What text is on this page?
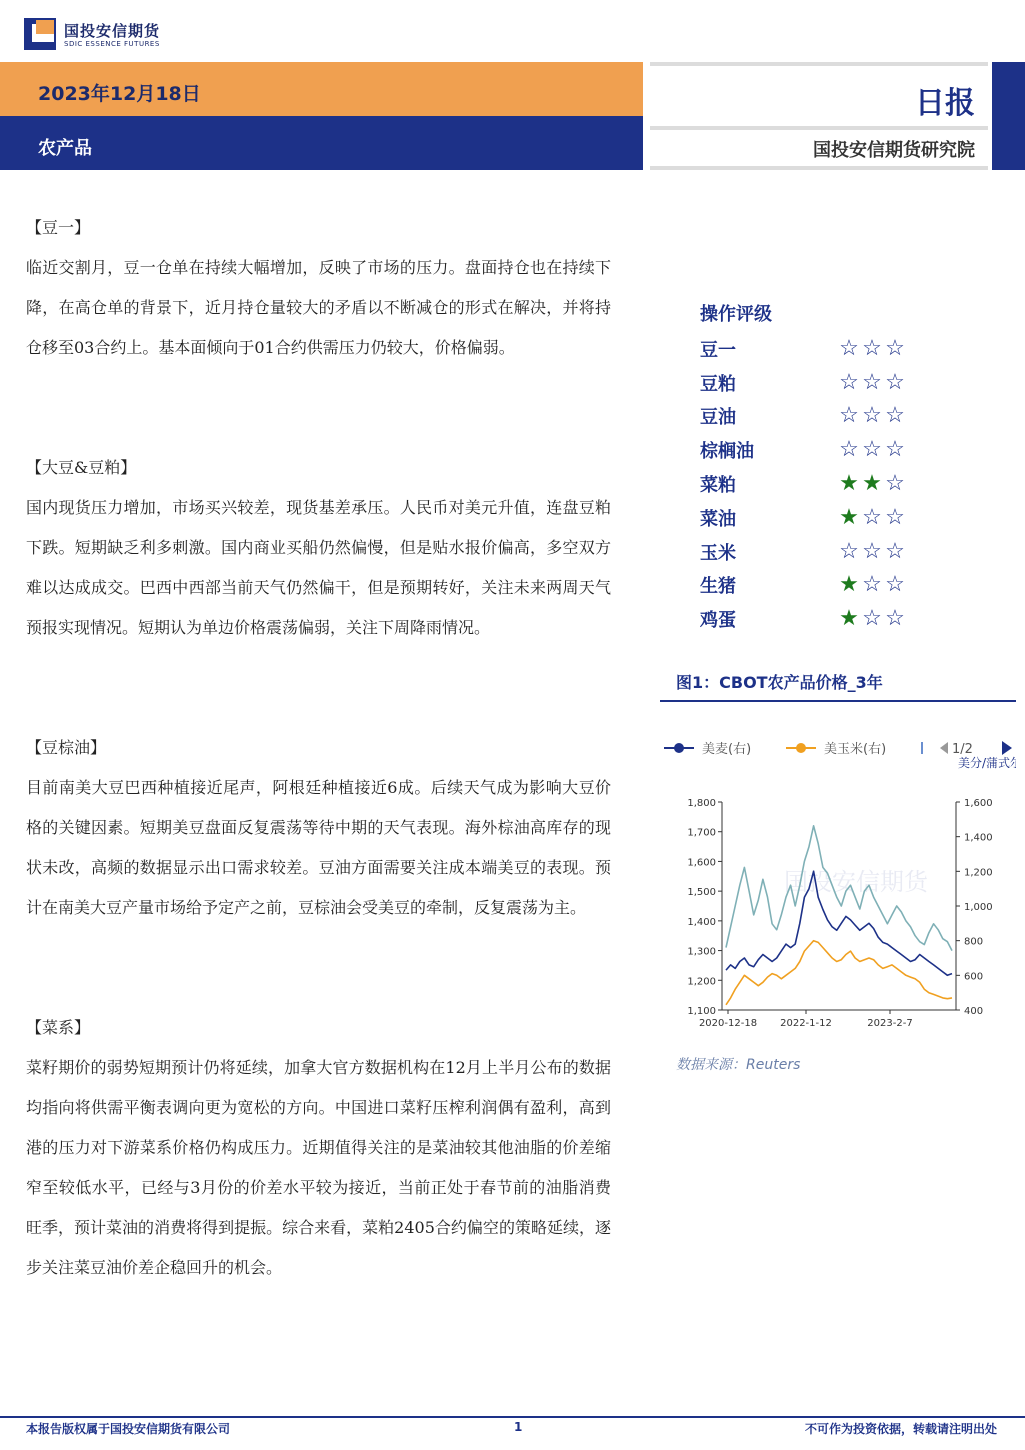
国投安信期货
SDIC ESSENCE FUTURES
2023年12月18日
农产品
日报
国投安信期货研究院
【豆一】
临近交割月，豆一仓单在持续大幅增加，反映了市场的压力。盘面持仓也在持续下降，在高仓单的背景下，近月持仓量较大的矛盾以不断减仓的形式在解决，并将持仓移至03合约上。基本面倾向于01合约供需压力仍较大，价格偏弱。
【大豆&豆粕】
国内现货压力增加，市场买兴较差，现货基差承压。人民币对美元升值，连盘豆粕下跌。短期缺乏利多刺激。国内商业买船仍然偏慢，但是贴水报价偏高，多空双方难以达成成交。巴西中西部当前天气仍然偏干，但是预期转好，关注未来两周天气预报实现情况。短期认为单边价格震荡偏弱，关注下周降雨情况。
【豆棕油】
目前南美大豆巴西种植接近尾声，阿根廷种植接近6成。后续天气成为影响大豆价格的关键因素。短期美豆盘面反复震荡等待中期的天气表现。海外棕油高库存的现状未改，高频的数据显示出口需求较差。豆油方面需要关注成本端美豆的表现。预计在南美大豆产量市场给予定产之前，豆棕油会受美豆的牵制，反复震荡为主。
【菜系】
菜籽期价的弱势短期预计仍将延续，加拿大官方数据机构在12月上半月公布的数据均指向将供需平衡表调向更为宽松的方向。中国进口菜籽压榨利润偶有盈利，高到港的压力对下游菜系价格仍构成压力。近期值得关注的是菜油较其他油脂的价差缩窄至较低水平，已经与3月份的价差水平较为接近，当前正处于春节前的油脂消费旺季，预计菜油的消费将得到提振。综合来看，菜粕2405合约偏空的策略延续，逐步关注菜豆油价差企稳回升的机会。
操作评级
豆一	☆ ☆ ☆
豆粕	☆ ☆ ☆
豆油	☆ ☆ ☆
棕榈油	☆ ☆ ☆
菜粕	★ ★ ☆
菜油	★ ☆ ☆
玉米	☆ ☆ ☆
生猪	★ ☆ ☆
鸡蛋	★ ☆ ☆
图1：CBOT农产品价格_3年
美麦(右)	美玉米(右)	1/2
美分/蒲式尔
国投安信期货
1,800
1,700
1,600
1,500
1,400
1,300
1,200
1,100
1,600
1,400
1,200
1,000
800
600
400
2020-12-18 2022-1-12	2023-2-7
数据来源：Reuters
本报告版权属于国投安信期货有限公司	1	不可作为投资依据，转载请注明出处
